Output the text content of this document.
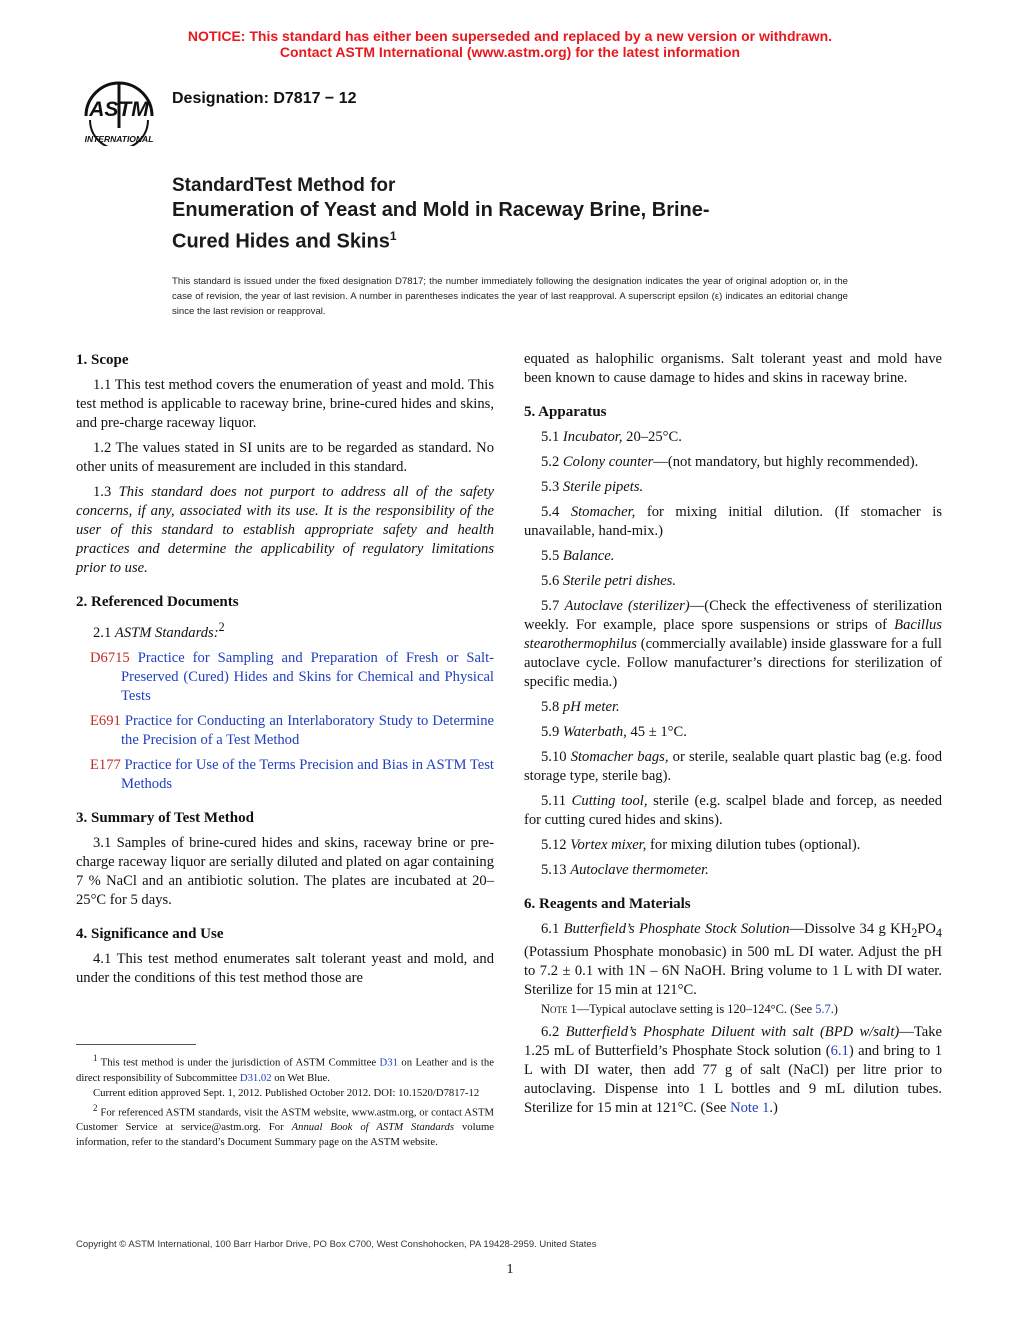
NOTICE: This standard has either been superseded and replaced by a new version or withdrawn.
Contact ASTM International (www.astm.org) for the latest information
ASTM
INTERNATIONAL
Designation: D7817 − 12
StandardTest Method for
Enumeration of Yeast and Mold in Raceway Brine, Brine-
Cured Hides and Skins$^1$
This standard is issued under the fixed designation D7817; the number immediately following the designation indicates the year of original adoption or, in the case of revision, the year of last revision. A number in parentheses indicates the year of last reapproval. A superscript epsilon (ε) indicates an editorial change since the last revision or reapproval.
1. Scope

1.1 This test method covers the enumeration of yeast and mold. This test method is applicable to raceway brine, brine-cured hides and skins, and pre-charge raceway liquor.

1.2 The values stated in SI units are to be regarded as standard. No other units of measurement are included in this standard.

1.3 This standard does not purport to address all of the safety concerns, if any, associated with its use. It is the responsibility of the user of this standard to establish appropriate safety and health practices and determine the applicability of regulatory limitations prior to use.

2. Referenced Documents

2.1 ASTM Standards:$^2$

D6715 Practice for Sampling and Preparation of Fresh or Salt-Preserved (Cured) Hides and Skins for Chemical and Physical Tests

E691 Practice for Conducting an Interlaboratory Study to Determine the Precision of a Test Method

E177 Practice for Use of the Terms Precision and Bias in ASTM Test Methods

3. Summary of Test Method

3.1 Samples of brine-cured hides and skins, raceway brine or pre-charge raceway liquor are serially diluted and plated on agar containing 7 % NaCl and an antibiotic solution. The plates are incubated at 20–25°C for 5 days.

4. Significance and Use

4.1 This test method enumerates salt tolerant yeast and mold, and under the conditions of this test method those are

equated as halophilic organisms. Salt tolerant yeast and mold have been known to cause damage to hides and skins in raceway brine.

5. Apparatus

5.1 Incubator, 20–25°C.

5.2 Colony counter—(not mandatory, but highly recommended).

5.3 Sterile pipets.

5.4 Stomacher, for mixing initial dilution. (If stomacher is unavailable, hand-mix.)

5.5 Balance.

5.6 Sterile petri dishes.

5.7 Autoclave (sterilizer)—(Check the effectiveness of sterilization weekly. For example, place spore suspensions or strips of Bacillus stearothermophilus (commercially available) inside glassware for a full autoclave cycle. Follow manufacturer’s directions for sterilization of specific media.)

5.8 pH meter.

5.9 Waterbath, 45 ± 1°C.

5.10 Stomacher bags, or sterile, sealable quart plastic bag (e.g. food storage type, sterile bag).

5.11 Cutting tool, sterile (e.g. scalpel blade and forcep, as needed for cutting cured hides and skins).

5.12 Vortex mixer, for mixing dilution tubes (optional).

5.13 Autoclave thermometer.

6. Reagents and Materials

6.1 Butterfield’s Phosphate Stock Solution—Dissolve 34 g $KH_2PO_4$ (Potassium Phosphate monobasic) in 500 mL DI water. Adjust the pH to 7.2 ± 0.1 with 1N – 6N NaOH. Bring volume to 1 L with DI water. Sterilize for 15 min at 121°C.

Note 1—Typical autoclave setting is 120–124°C. (See 5.7.)

6.2 Butterfield’s Phosphate Diluent with salt (BPD w/salt)—Take 1.25 mL of Butterfield’s Phosphate Stock solution (6.1) and bring to 1 L with DI water, then add 77 g of salt (NaCl) per litre prior to autoclaving. Dispense into 1 L bottles and 9 mL dilution tubes. Sterilize for 15 min at 121°C. (See Note 1.)

$^1$ This test method is under the jurisdiction of ASTM Committee D31 on Leather and is the direct responsibility of Subcommittee D31.02 on Wet Blue.

Current edition approved Sept. 1, 2012. Published October 2012. DOI: 10.1520/D7817-12

$^2$ For referenced ASTM standards, visit the ASTM website, www.astm.org, or contact ASTM Customer Service at service@astm.org. For Annual Book of ASTM Standards volume information, refer to the standard’s Document Summary page on the ASTM website.

Copyright © ASTM International, 100 Barr Harbor Drive, PO Box C700, West Conshohocken, PA 19428-2959. United States
1
